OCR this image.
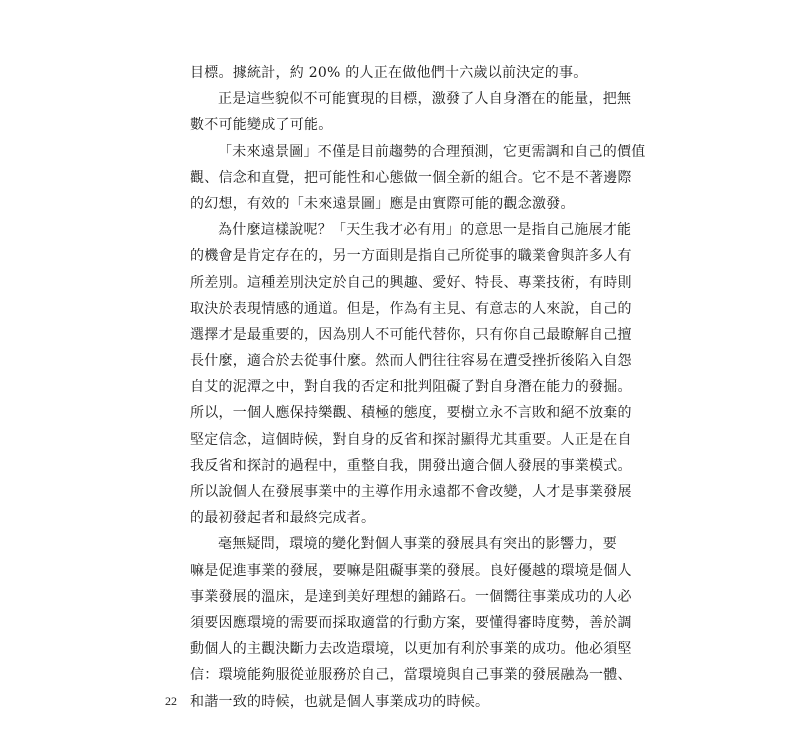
目標。據統計，約 20% 的人正在做他們十六歲以前決定的事。
正是這些貌似不可能實現的目標，激發了人自身潛在的能量，把無
數不可能變成了可能。
「未來遠景圖」不僅是目前趨勢的合理預測，它更需調和自己的價值
觀、信念和直覺，把可能性和心態做一個全新的組合。它不是不著邊際
的幻想，有效的「未來遠景圖」應是由實際可能的觀念激發。
為什麼這樣說呢？「天生我才必有用」的意思一是指自己施展才能
的機會是肯定存在的，另一方面則是指自己所從事的職業會與許多人有
所差別。這種差別決定於自己的興趣、愛好、特長、專業技術，有時則
取決於表現情感的通道。但是，作為有主見、有意志的人來說，自己的
選擇才是最重要的，因為別人不可能代替你，只有你自己最瞭解自己擅
長什麼，適合於去從事什麼。然而人們往往容易在遭受挫折後陷入自怨
自艾的泥潭之中，對自我的否定和批判阻礙了對自身潛在能力的發掘。
所以，一個人應保持樂觀、積極的態度，要樹立永不言敗和絕不放棄的
堅定信念，這個時候，對自身的反省和探討顯得尤其重要。人正是在自
我反省和探討的過程中，重整自我，開發出適合個人發展的事業模式。
所以說個人在發展事業中的主導作用永遠都不會改變，人才是事業發展
的最初發起者和最終完成者。
毫無疑問，環境的變化對個人事業的發展具有突出的影響力，要
嘛是促進事業的發展，要嘛是阻礙事業的發展。良好優越的環境是個人
事業發展的溫床，是達到美好理想的鋪路石。一個嚮往事業成功的人必
須要因應環境的需要而採取適當的行動方案，要懂得審時度勢，善於調
動個人的主觀決斷力去改造環境，以更加有利於事業的成功。他必須堅
信：環境能夠服從並服務於自己，當環境與自己事業的發展融為一體、
和諧一致的時候，也就是個人事業成功的時候。
22
